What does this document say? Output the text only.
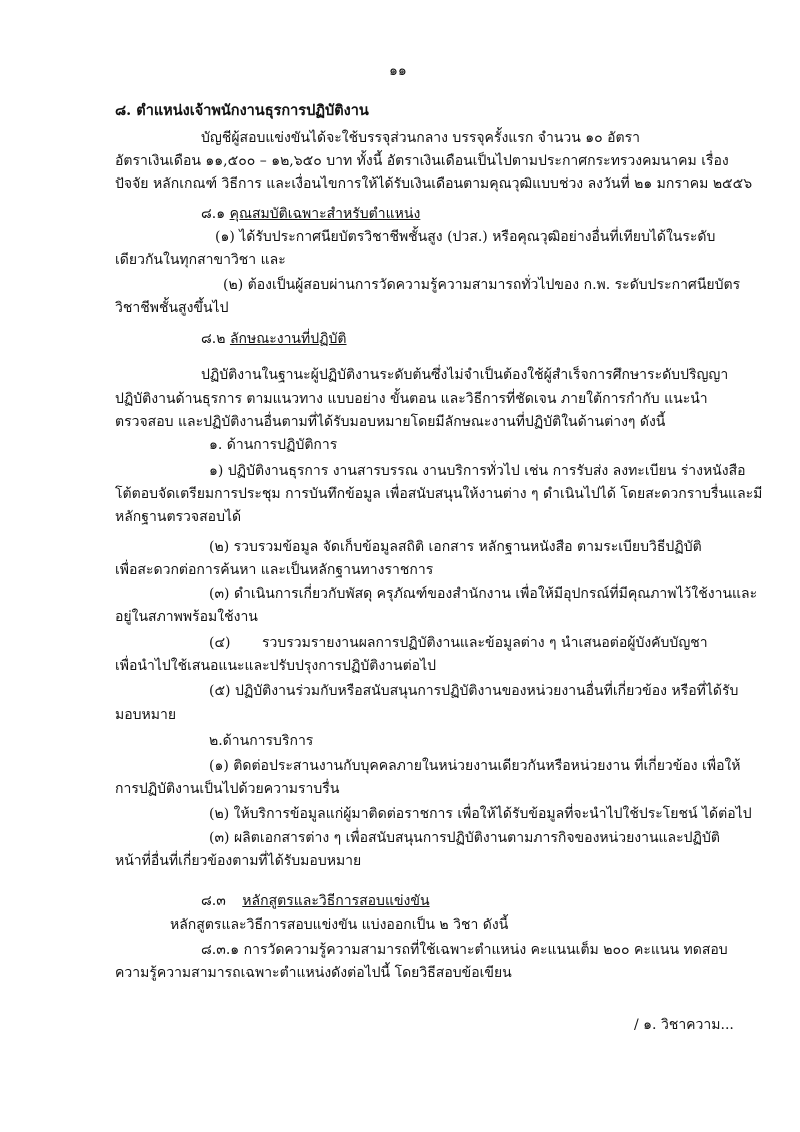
๑๑
๘. ตำแหน่งเจ้าพนักงานธุรการปฏิบัติงาน
บัญชีผู้สอบแข่งขันได้จะใช้บรรจุส่วนกลาง บรรจุครั้งแรก จำนวน ๑๐ อัตรา
อัตราเงินเดือน ๑๑,๕๐๐ – ๑๒,๖๕๐ บาท ทั้งนี้ อัตราเงินเดือนเป็นไปตามประกาศกระทรวงคมนาคม เรื่อง
ปัจจัย หลักเกณฑ์ วิธีการ และเงื่อนไขการให้ได้รับเงินเดือนตามคุณวุฒิแบบช่วง ลงวันที่ ๒๑ มกราคม ๒๕๕๖
๘.๑ คุณสมบัติเฉพาะสำหรับตำแหน่ง
(๑) ได้รับประกาศนียบัตรวิชาชีพชั้นสูง (ปวส.) หรือคุณวุฒิอย่างอื่นที่เทียบได้ในระดับ
เดียวกันในทุกสาขาวิชา และ
(๒) ต้องเป็นผู้สอบผ่านการวัดความรู้ความสามารถทั่วไปของ ก.พ. ระดับประกาศนียบัตร
วิชาชีพชั้นสูงขึ้นไป
๘.๒ ลักษณะงานที่ปฏิบัติ
ปฏิบัติงานในฐานะผู้ปฏิบัติงานระดับต้นซึ่งไม่จำเป็นต้องใช้ผู้สำเร็จการศึกษาระดับปริญญา
ปฏิบัติงานด้านธุรการ ตามแนวทาง แบบอย่าง ขั้นตอน และวิธีการที่ชัดเจน ภายใต้การกำกับ แนะนำ
ตรวจสอบ และปฏิบัติงานอื่นตามที่ได้รับมอบหมายโดยมีลักษณะงานที่ปฏิบัติในด้านต่างๆ ดังนี้
๑. ด้านการปฏิบัติการ
๑) ปฏิบัติงานธุรการ งานสารบรรณ งานบริการทั่วไป เช่น การรับส่ง ลงทะเบียน ร่างหนังสือ
โต้ตอบจัดเตรียมการประชุม การบันทึกข้อมูล เพื่อสนับสนุนให้งานต่าง ๆ ดำเนินไปได้ โดยสะดวกราบรื่นและมี
หลักฐานตรวจสอบได้
(๒) รวบรวมข้อมูล จัดเก็บข้อมูลสถิติ เอกสาร หลักฐานหนังสือ ตามระเบียบวิธีปฏิบัติ
เพื่อสะดวกต่อการค้นหา และเป็นหลักฐานทางราชการ
(๓) ดำเนินการเกี่ยวกับพัสดุ ครุภัณฑ์ของสำนักงาน เพื่อให้มีอุปกรณ์ที่มีคุณภาพไว้ใช้งานและ
อยู่ในสภาพพร้อมใช้งาน
(๔) รวบรวมรายงานผลการปฏิบัติงานและข้อมูลต่าง ๆ นำเสนอต่อผู้บังคับบัญชา
เพื่อนำไปใช้เสนอแนะและปรับปรุงการปฏิบัติงานต่อไป
(๕) ปฏิบัติงานร่วมกับหรือสนับสนุนการปฏิบัติงานของหน่วยงานอื่นที่เกี่ยวข้อง หรือที่ได้รับ
มอบหมาย
๒.ด้านการบริการ
(๑) ติดต่อประสานงานกับบุคคลภายในหน่วยงานเดียวกันหรือหน่วยงาน ที่เกี่ยวข้อง เพื่อให้
การปฏิบัติงานเป็นไปด้วยความราบรื่น
(๒) ให้บริการข้อมูลแก่ผู้มาติดต่อราชการ เพื่อให้ได้รับข้อมูลที่จะนำไปใช้ประโยชน์ ได้ต่อไป
(๓) ผลิตเอกสารต่าง ๆ เพื่อสนับสนุนการปฏิบัติงานตามภารกิจของหน่วยงานและปฏิบัติ
หน้าที่อื่นที่เกี่ยวข้องตามที่ได้รับมอบหมาย
๘.๓ หลักสูตรและวิธีการสอบแข่งขัน
หลักสูตรและวิธีการสอบแข่งขัน แบ่งออกเป็น ๒ วิชา ดังนี้
๘.๓.๑ การวัดความรู้ความสามารถที่ใช้เฉพาะตำแหน่ง คะแนนเต็ม ๒๐๐ คะแนน ทดสอบ
ความรู้ความสามารถเฉพาะตำแหน่งดังต่อไปนี้ โดยวิธีสอบข้อเขียน
/ ๑. วิชาความ...
